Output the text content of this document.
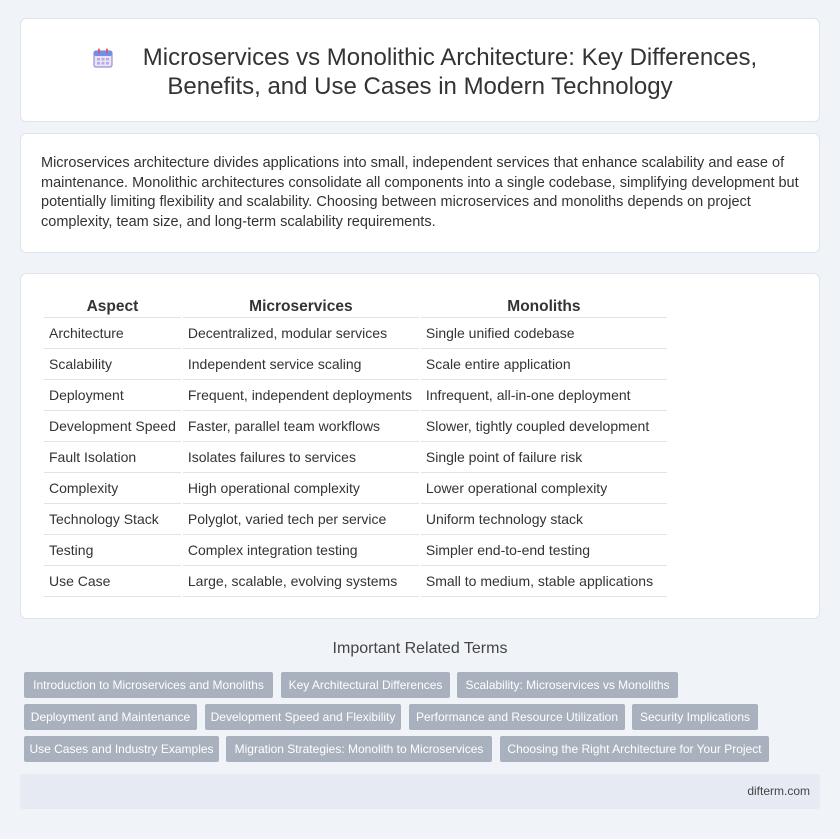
Microservices vs Monolithic Architecture: Key Differences,
Benefits, and Use Cases in Modern Technology

Microservices architecture divides applications into small, independent services that enhance scalability and ease of maintenance. Monolithic architectures consolidate all components into a single codebase, simplifying development but potentially limiting flexibility and scalability. Choosing between microservices and monoliths depends on project complexity, team size, and long-term scalability requirements.

Aspect	Microservices	Monoliths
Architecture	Decentralized, modular services	Single unified codebase
Scalability	Independent service scaling	Scale entire application
Deployment	Frequent, independent deployments	Infrequent, all-in-one deployment
Development Speed	Faster, parallel team workflows	Slower, tightly coupled development
Fault Isolation	Isolates failures to services	Single point of failure risk
Complexity	High operational complexity	Lower operational complexity
Technology Stack	Polyglot, varied tech per service	Uniform technology stack
Testing	Complex integration testing	Simpler end-to-end testing
Use Case	Large, scalable, evolving systems	Small to medium, stable applications
Important Related Terms
Introduction to Microservices and Monoliths	Key Architectural Differences	Scalability: Microservices vs Monoliths
Deployment and Maintenance	Development Speed and Flexibility	Performance and Resource Utilization	Security Implications
Use Cases and Industry Examples	Migration Strategies: Monolith to Microservices	Choosing the Right Architecture for Your Project
difterm.com
